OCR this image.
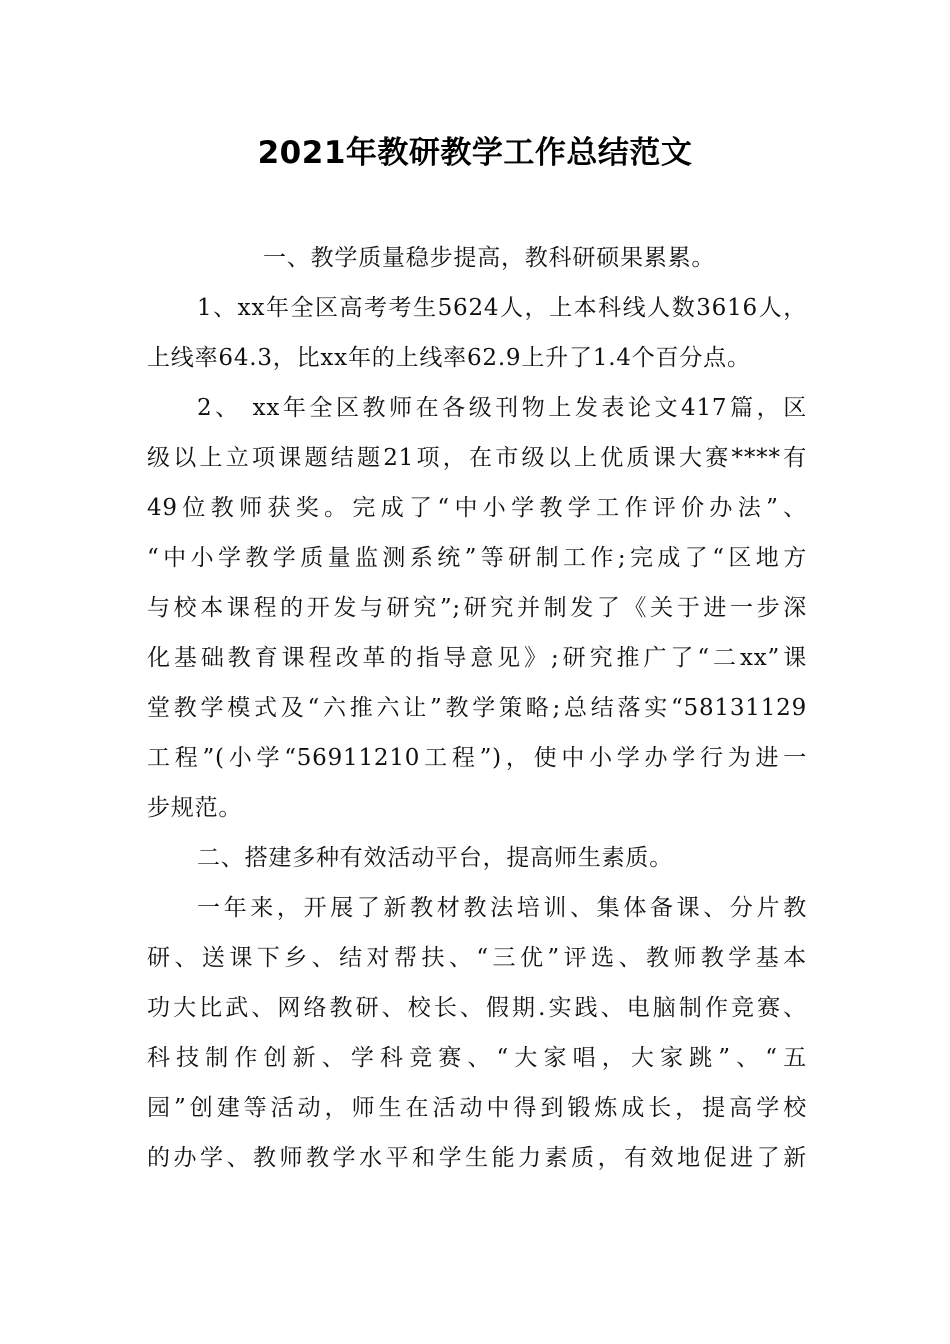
2021年教研教学工作总结范文
一、教学质量稳步提高，教科研硕果累累。
1、xx年全区高考考生5624人，上本科线人数3616人，
上线率64.3，比xx年的上线率62.9上升了1.4个百分点。
2、 xx年全区教师在各级刊物上发表论文417篇，区
级以上立项课题结题21项，在市级以上优质课大赛****有
49位教师获奖。完成了“中小学教学工作评价办法”、
“中小学教学质量监测系统”等研制工作;完成了“区地方
与校本课程的开发与研究”;研究并制发了《关于进一步深
化基础教育课程改革的指导意见》;研究推广了“二xx”课
堂教学模式及“六推六让”教学策略;总结落实“58131129
工程”(小学“56911210工程”)，使中小学办学行为进一
步规范。
二、搭建多种有效活动平台，提高师生素质。
一年来，开展了新教材教法培训、集体备课、分片教
研、送课下乡、结对帮扶、“三优”评选、教师教学基本
功大比武、网络教研、校长、假期.实践、电脑制作竞赛、
科技制作创新、学科竞赛、“大家唱，大家跳”、“五
园”创建等活动，师生在活动中得到锻炼成长，提高学校
的办学、教师教学水平和学生能力素质，有效地促进了新
